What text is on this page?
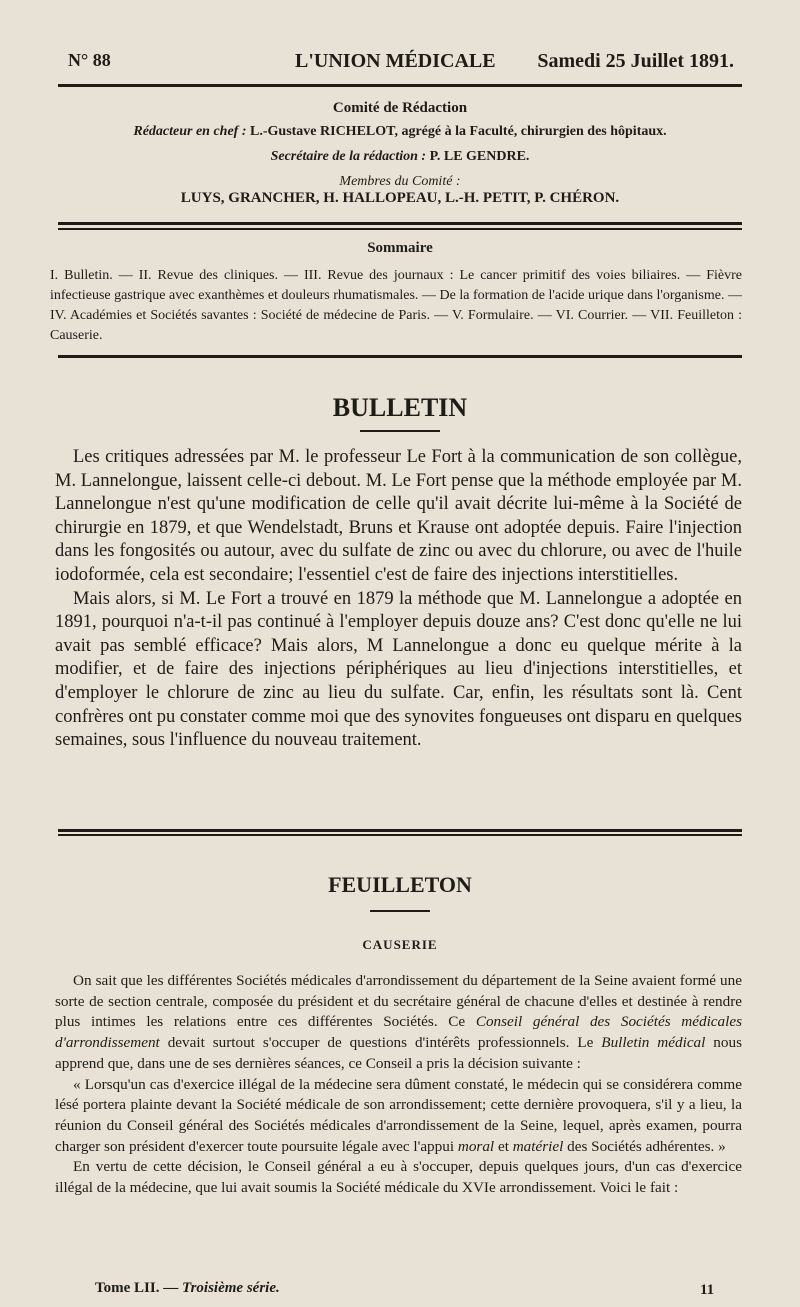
N° 88	L'UNION MÉDICALE Samedi 25 Juillet 1891.
Comité de Rédaction
Rédacteur en chef : L.-Gustave RICHELOT, agrégé à la Faculté, chirurgien des hôpitaux.
Secrétaire de la rédaction : P. LE GENDRE.
Membres du Comité :
LUYS, GRANCHER, H. HALLOPEAU, L.-H. PETIT, P. CHÉRON.
Sommaire
I. Bulletin. — II. Revue des cliniques. — III. Revue des journaux : Le cancer primitif des voies biliaires. — Fièvre infectieuse gastrique avec exanthèmes et douleurs rhumatismales. — De la formation de l'acide urique dans l'organisme. — IV. Académies et Sociétés savantes : Société de médecine de Paris. — V. Formulaire. — VI. Courrier. — VII. Feuilleton : Causerie.
BULLETIN

Les critiques adressées par M. le professeur Le Fort à la communication de son collègue, M. Lannelongue, laissent celle-ci debout. M. Le Fort pense que la méthode employée par M. Lannelongue n'est qu'une modification de celle qu'il avait décrite lui-même à la Société de chirurgie en 1879, et que Wendelstadt, Bruns et Krause ont adoptée depuis. Faire l'injection dans les fongosités ou autour, avec du sulfate de zinc ou avec du chlorure, ou avec de l'huile iodoformée, cela est secondaire; l'essentiel c'est de faire des injections interstitielles.

Mais alors, si M. Le Fort a trouvé en 1879 la méthode que M. Lannelongue a adoptée en 1891, pourquoi n'a-t-il pas continué à l'employer depuis douze ans? C'est donc qu'elle ne lui avait pas semblé efficace? Mais alors, M Lannelongue a donc eu quelque mérite à la modifier, et de faire des injections périphériques au lieu d'injections interstitielles, et d'employer le chlorure de zinc au lieu du sulfate. Car, enfin, les résultats sont là. Cent confrères ont pu constater comme moi que des synovites fongueuses ont disparu en quelques semaines, sous l'influence du nouveau traitement.

FEUILLETON
CAUSERIE

On sait que les différentes Sociétés médicales d'arrondissement du département de la Seine avaient formé une sorte de section centrale, composée du président et du secrétaire général de chacune d'elles et destinée à rendre plus intimes les relations entre ces différentes Sociétés. Ce Conseil général des Sociétés médicales d'arrondissement devait surtout s'occuper de questions d'intérêts professionnels. Le Bulletin médical nous apprend que, dans une de ses dernières séances, ce Conseil a pris la décision suivante :

« Lorsqu'un cas d'exercice illégal de la médecine sera dûment constaté, le médecin qui se considérera comme lésé portera plainte devant la Société médicale de son arrondissement; cette dernière provoquera, s'il y a lieu, la réunion du Conseil général des Sociétés médicales d'arrondissement de la Seine, lequel, après examen, pourra charger son président d'exercer toute poursuite légale avec l'appui moral et matériel des Sociétés adhérentes. »

En vertu de cette décision, le Conseil général a eu à s'occuper, depuis quelques jours, d'un cas d'exercice illégal de la médecine, que lui avait soumis la Société médicale du XVIe arrondissement. Voici le fait :

Tome LII. — Troisième série.	11
